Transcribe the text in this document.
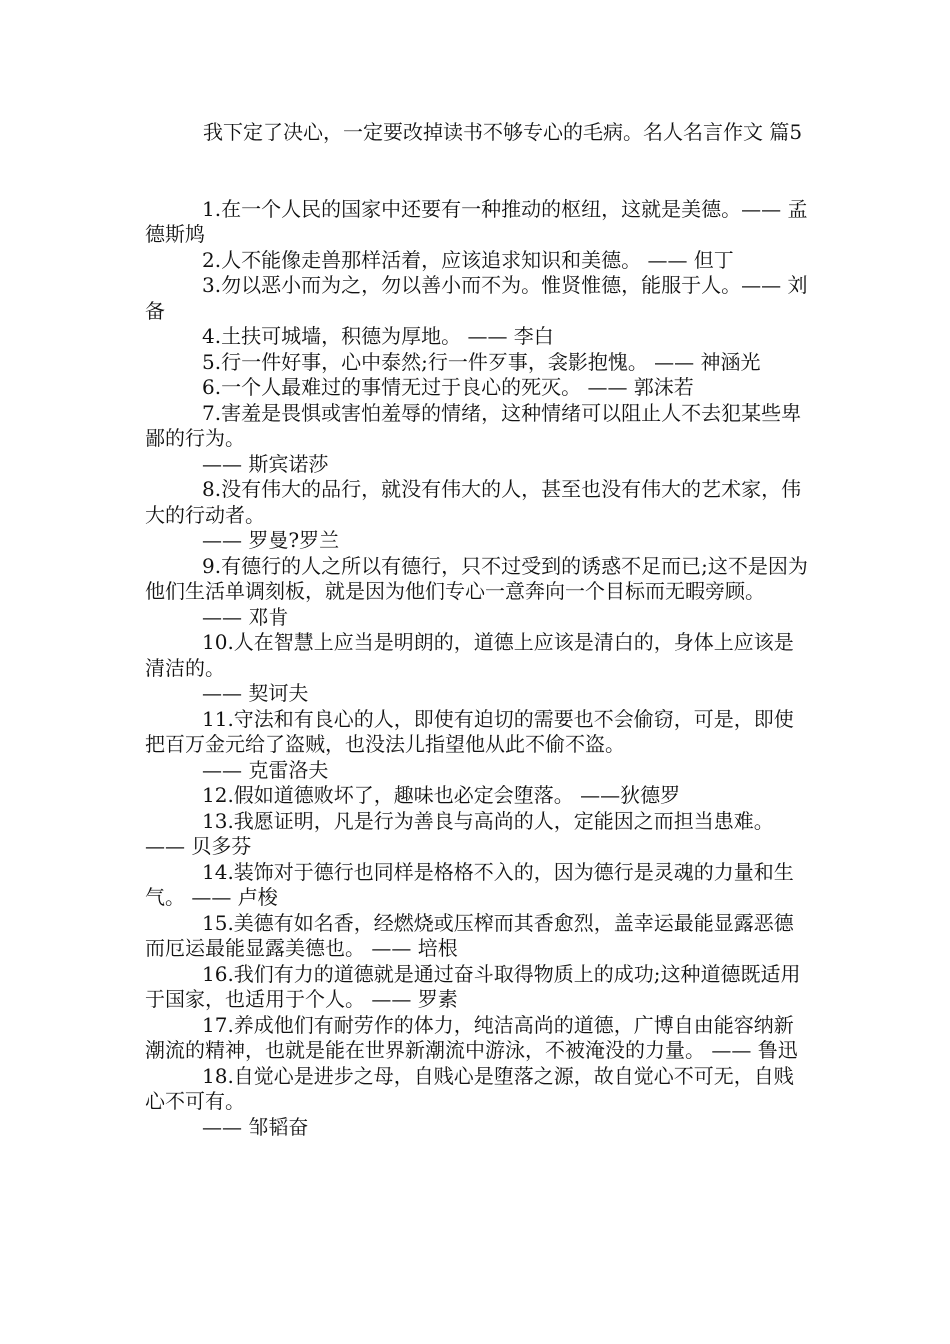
我下定了决心，一定要改掉读书不够专心的毛病。名人名言作文 篇5

1.在一个人民的国家中还要有一种推动的枢纽，这就是美德。—— 孟德斯鸠

2.人不能像走兽那样活着，应该追求知识和美德。 —— 但丁

3.勿以恶小而为之，勿以善小而不为。惟贤惟德，能服于人。—— 刘备

4.土扶可城墙，积德为厚地。 —— 李白

5.行一件好事，心中泰然;行一件歹事，衾影抱愧。 —— 神涵光

6.一个人最难过的事情无过于良心的死灭。 —— 郭沫若

7.害羞是畏惧或害怕羞辱的情绪，这种情绪可以阻止人不去犯某些卑鄙的行为。

—— 斯宾诺莎

8.没有伟大的品行，就没有伟大的人，甚至也没有伟大的艺术家，伟大的行动者。

—— 罗曼?罗兰

9.有德行的人之所以有德行，只不过受到的诱惑不足而已;这不是因为他们生活单调刻板，就是因为他们专心一意奔向一个目标而无暇旁顾。

—— 邓肯

10.人在智慧上应当是明朗的，道德上应该是清白的，身体上应该是清洁的。

—— 契诃夫

11.守法和有良心的人，即使有迫切的需要也不会偷窃，可是，即使把百万金元给了盗贼，也没法儿指望他从此不偷不盗。

—— 克雷洛夫

12.假如道德败坏了，趣味也必定会堕落。 ——狄德罗

13.我愿证明，凡是行为善良与高尚的人，定能因之而担当患难。 —— 贝多芬

14.装饰对于德行也同样是格格不入的，因为德行是灵魂的力量和生气。 —— 卢梭

15.美德有如名香，经燃烧或压榨而其香愈烈，盖幸运最能显露恶德而厄运最能显露美德也。 —— 培根

16.我们有力的道德就是通过奋斗取得物质上的成功;这种道德既适用于国家，也适用于个人。 —— 罗素

17.养成他们有耐劳作的体力，纯洁高尚的道德，广博自由能容纳新潮流的精神，也就是能在世界新潮流中游泳，不被淹没的力量。 —— 鲁迅

18.自觉心是进步之母，自贱心是堕落之源，故自觉心不可无，自贱心不可有。

—— 邹韬奋
